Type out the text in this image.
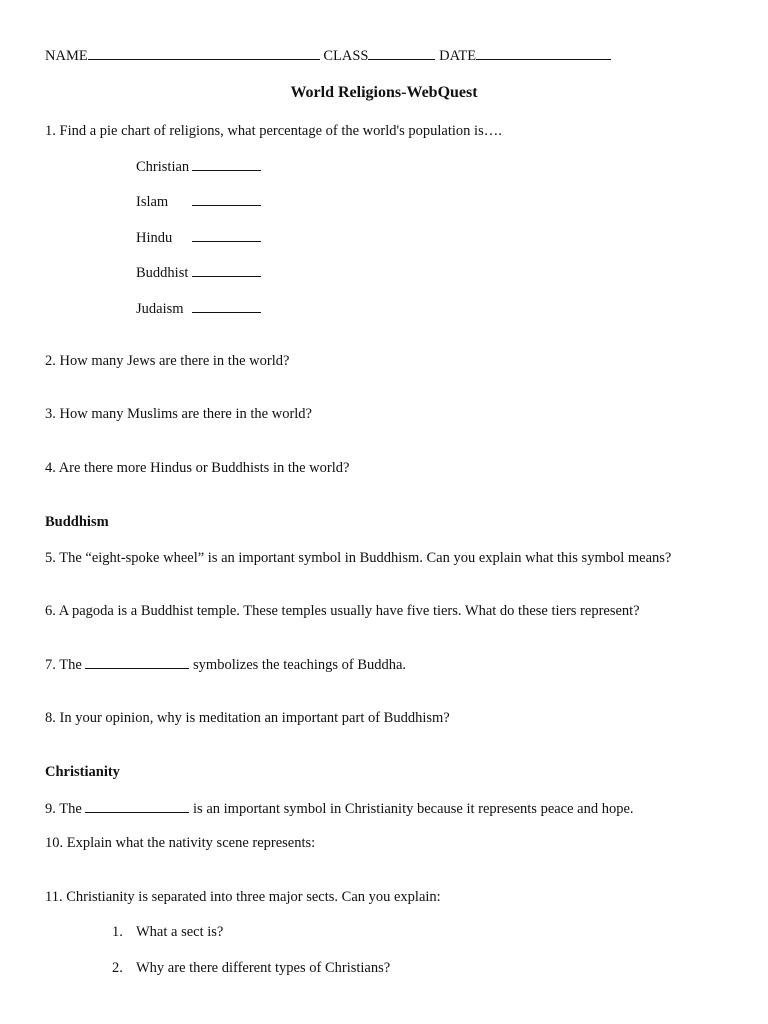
NAME	CLASS	DATE
World Religions-WebQuest
1. Find a pie chart of religions, what percentage of the world's population is….
Christian
Islam
Hindu
Buddhist
Judaism
2. How many Jews are there in the world?
3. How many Muslims are there in the world?
4. Are there more Hindus or Buddhists in the world?
Buddhism
5. The “eight-spoke wheel” is an important symbol in Buddhism. Can you explain what this symbol means?
6. A pagoda is a Buddhist temple. These temples usually have five tiers. What do these tiers represent?
7. The	symbolizes the teachings of Buddha.
8. In your opinion, why is meditation an important part of Buddhism?
Christianity
9. The	is an important symbol in Christianity because it represents peace and hope.
10. Explain what the nativity scene represents:
11. Christianity is separated into three major sects. Can you explain:
1. What a sect is?
2. Why are there different types of Christians?
